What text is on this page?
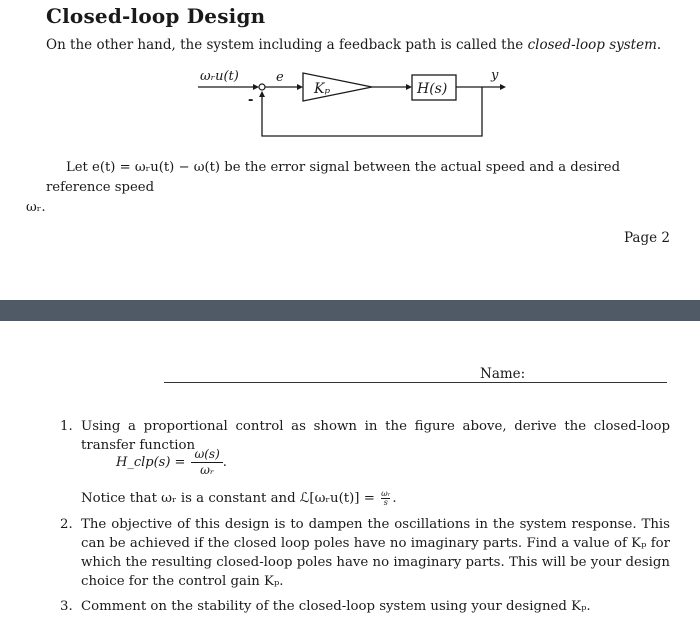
Closed-loop Design

On the other hand, the system including a feedback path is called the closed-loop system.

ωᵣu(t)
-
e
Kₚ	H(s)
y

Let e(t) = ωᵣu(t) − ω(t) be the error signal between the actual speed and a desired reference speed
ωᵣ.

Page 2
Name:
1. Using a proportional control as shown in the figure above, derive the closed-loop transfer function
H_clp(s) = $\frac{\omega(s)}{\text{ωᵣ}}$ .
Notice that ωᵣ is a constant and ℒ[ωᵣu(t)] = $\frac{\text{ωᵣ}}{s}$ .
2. The objective of this design is to dampen the oscillations in the system response. This can be achieved if the closed loop poles have no imaginary parts. Find a value of Kₚ for which the resulting closed-loop poles have no imaginary parts. This will be your design choice for the control gain Kₚ.
3. Comment on the stability of the closed-loop system using your designed Kₚ.
